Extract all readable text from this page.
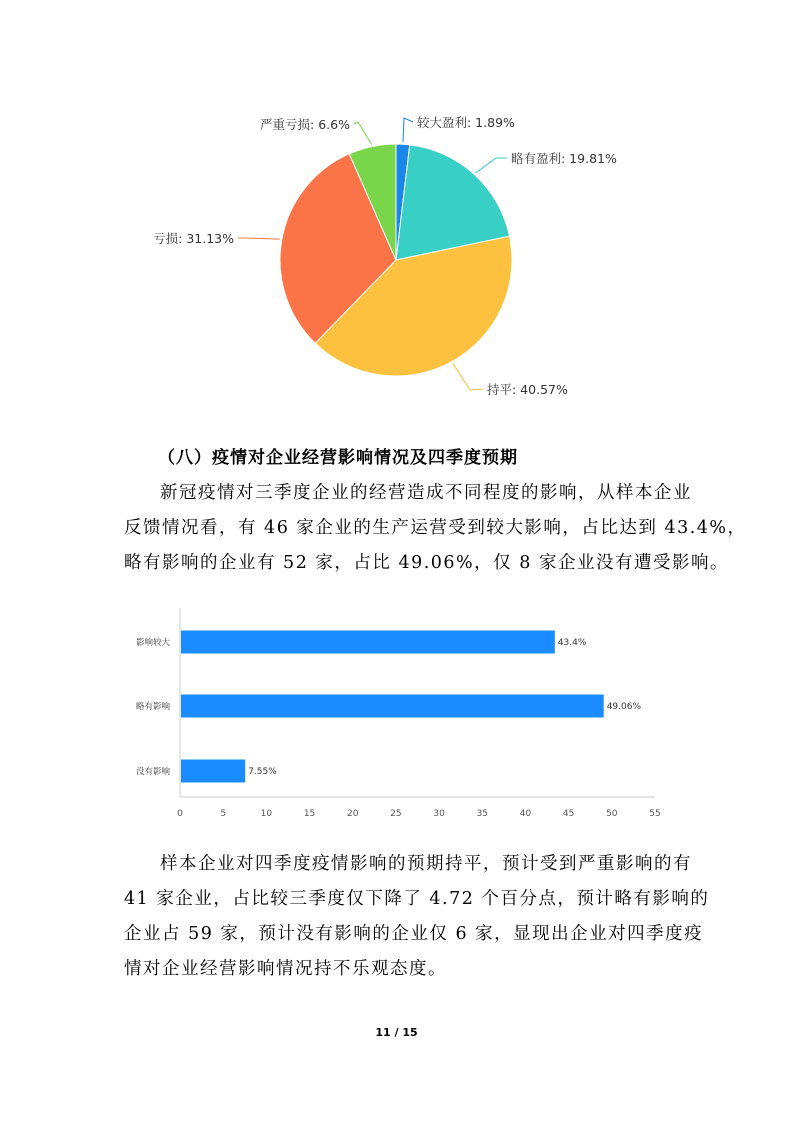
较大盈利: 1.89%
略有盈利: 19.81%
持平: 40.57%
亏损: 31.13%
严重亏损: 6.6%
（八）疫情对企业经营影响情况及四季度预期

新冠疫情对三季度企业的经营造成不同程度的影响，从样本企业

反馈情况看，有 46 家企业的生产运营受到较大影响，占比达到 43.4%，

略有影响的企业有 52 家，占比 49.06%，仅 8 家企业没有遭受影响。

0	5	10	15	20	25	30	35	40	45	50	55
影响较大	43.4%
略有影响	49.06%
没有影响	7.55%

样本企业对四季度疫情影响的预期持平，预计受到严重影响的有

41 家企业，占比较三季度仅下降了 4.72 个百分点，预计略有影响的

企业占 59 家，预计没有影响的企业仅 6 家，显现出企业对四季度疫

情对企业经营影响情况持不乐观态度。

11 / 15
